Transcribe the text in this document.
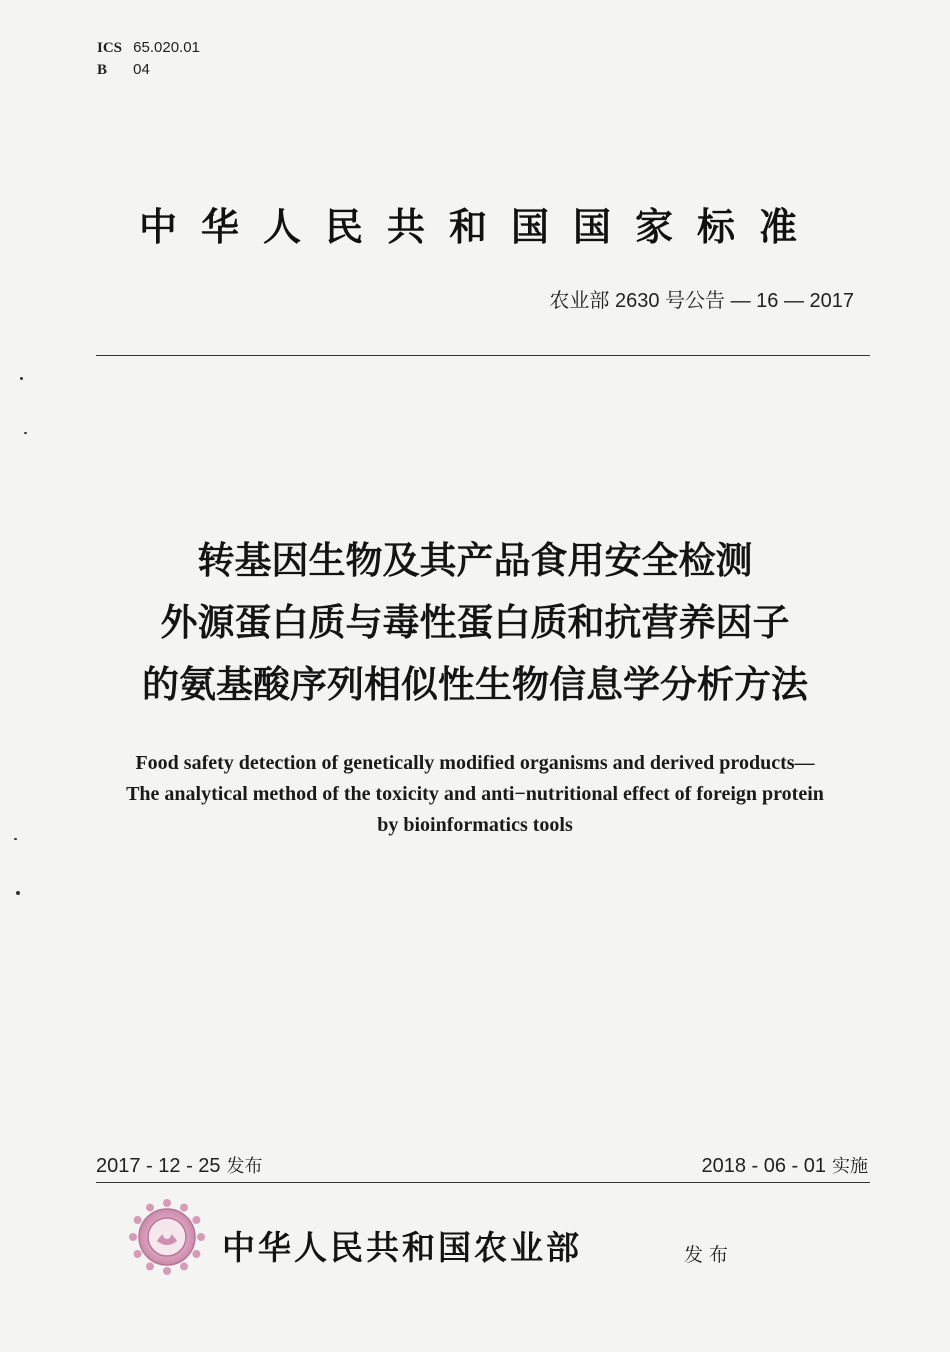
ICS 65.020.01
B 04
中华人民共和国国家标准
农业部 2630 号公告 — 16 — 2017
转基因生物及其产品食用安全检测
外源蛋白质与毒性蛋白质和抗营养因子
的氨基酸序列相似性生物信息学分析方法
Food safety detection of genetically modified organisms and derived products—
The analytical method of the toxicity and anti−nutritional effect of foreign protein
by bioinformatics tools
2017 - 12 - 25 发布	2018 - 06 - 01 实施
中华人民共和国农业部	发布
